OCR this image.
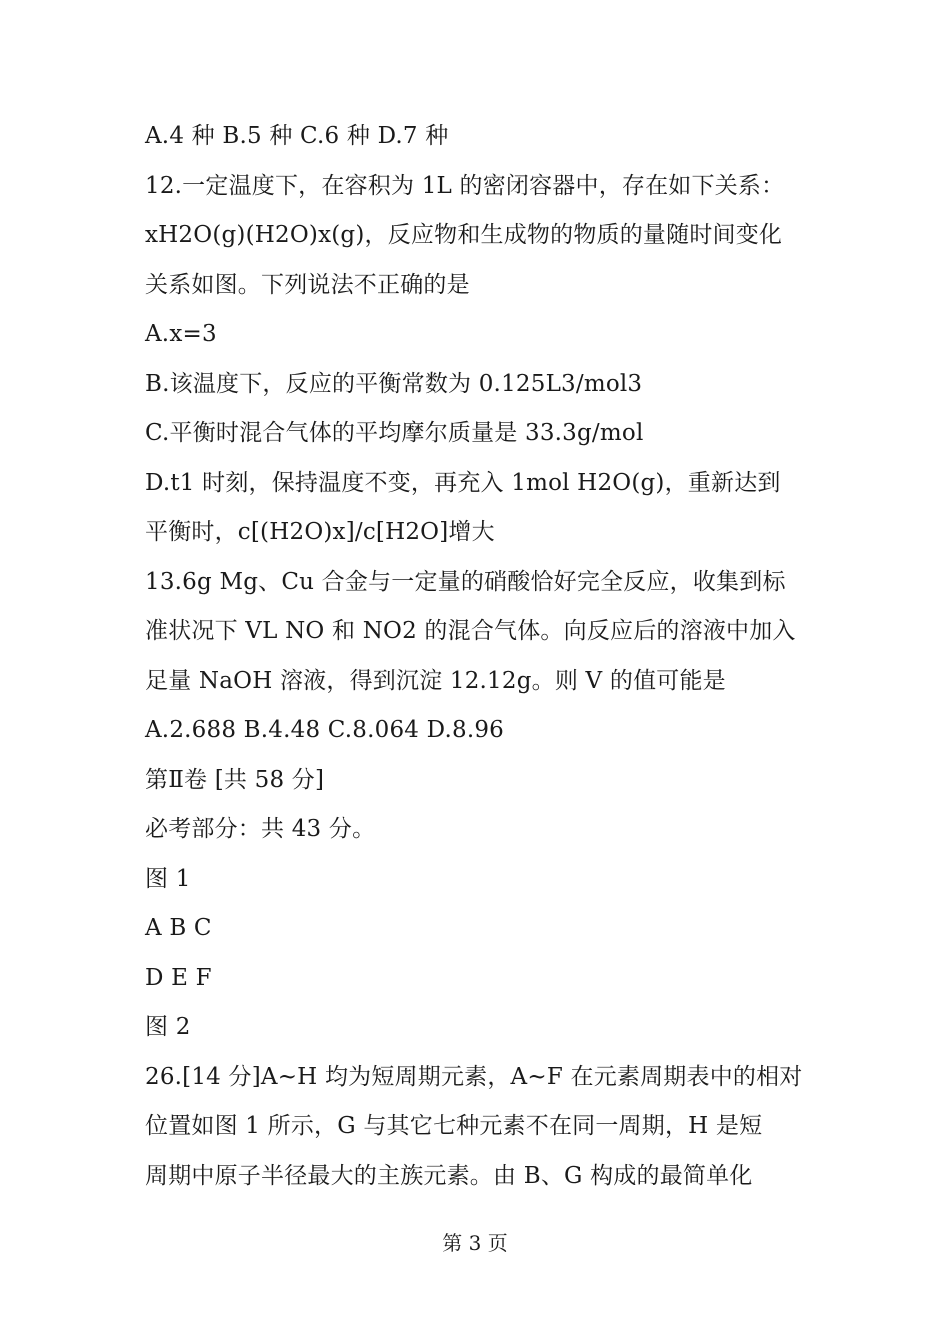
A.4 种 B.5 种 C.6 种 D.7 种
12.一定温度下，在容积为 1L 的密闭容器中，存在如下关系：
xH2O(g)(H2O)x(g)，反应物和生成物的物质的量随时间变化
关系如图。下列说法不正确的是
A.x=3
B.该温度下，反应的平衡常数为 0.125L3/mol3
C.平衡时混合气体的平均摩尔质量是 33.3g/mol
D.t1 时刻，保持温度不变，再充入 1mol H2O(g)，重新达到
平衡时，c[(H2O)x]/c[H2O]增大
13.6g Mg、Cu 合金与一定量的硝酸恰好完全反应，收集到标
准状况下 VL NO 和 NO2 的混合气体。向反应后的溶液中加入
足量 NaOH 溶液，得到沉淀 12.12g。则 V 的值可能是
A.2.688 B.4.48 C.8.064 D.8.96
第Ⅱ卷 [共 58 分]
必考部分：共 43 分。
图 1
A B C
D E F
图 2
26.[14 分]A~H 均为短周期元素，A~F 在元素周期表中的相对
位置如图 1 所示，G 与其它七种元素不在同一周期，H 是短
周期中原子半径最大的主族元素。由 B、G 构成的最简单化
第 3 页
